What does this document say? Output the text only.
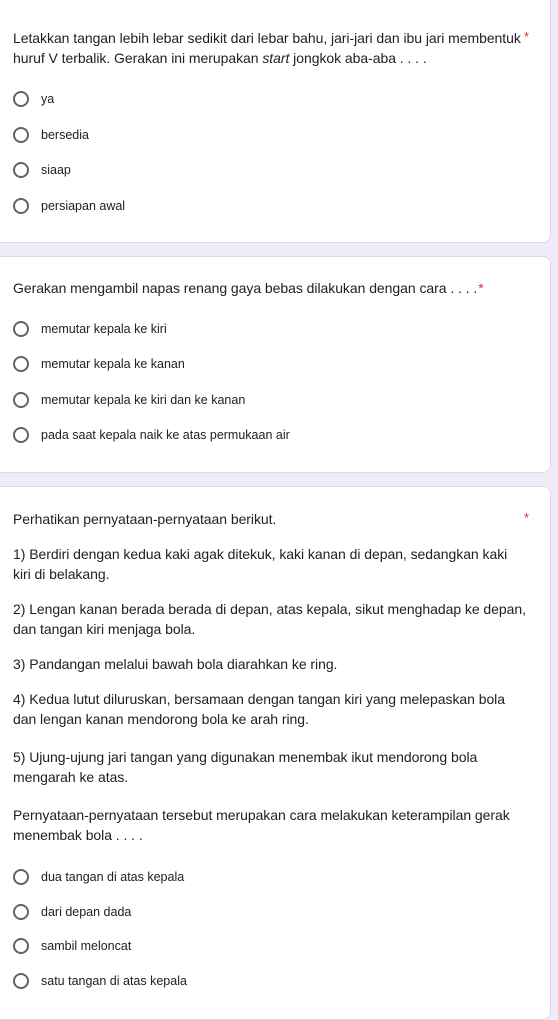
Letakkan tangan lebih lebar sedikit dari lebar bahu, jari-jari dan ibu jari membentuk huruf V terbalik. Gerakan ini merupakan start jongkok aba-aba . . . .
*
ya
bersedia
siaap
persiapan awal
Gerakan mengambil napas renang gaya bebas dilakukan dengan cara . . . .*
memutar kepala ke kiri
memutar kepala ke kanan
memutar kepala ke kiri dan ke kanan
pada saat kepala naik ke atas permukaan air
Perhatikan pernyataan-pernyataan berikut.	*
1) Berdiri dengan kedua kaki agak ditekuk, kaki kanan di depan, sedangkan kaki kiri di belakang.
2) Lengan kanan berada berada di depan, atas kepala, sikut menghadap ke depan, dan tangan kiri menjaga bola.
3) Pandangan melalui bawah bola diarahkan ke ring.
4) Kedua lutut diluruskan, bersamaan dengan tangan kiri yang melepaskan bola dan lengan kanan mendorong bola ke arah ring.
5) Ujung-ujung jari tangan yang digunakan menembak ikut mendorong bola mengarah ke atas.
Pernyataan-pernyataan tersebut merupakan cara melakukan keterampilan gerak menembak bola . . . .
dua tangan di atas kepala
dari depan dada
sambil meloncat
satu tangan di atas kepala
